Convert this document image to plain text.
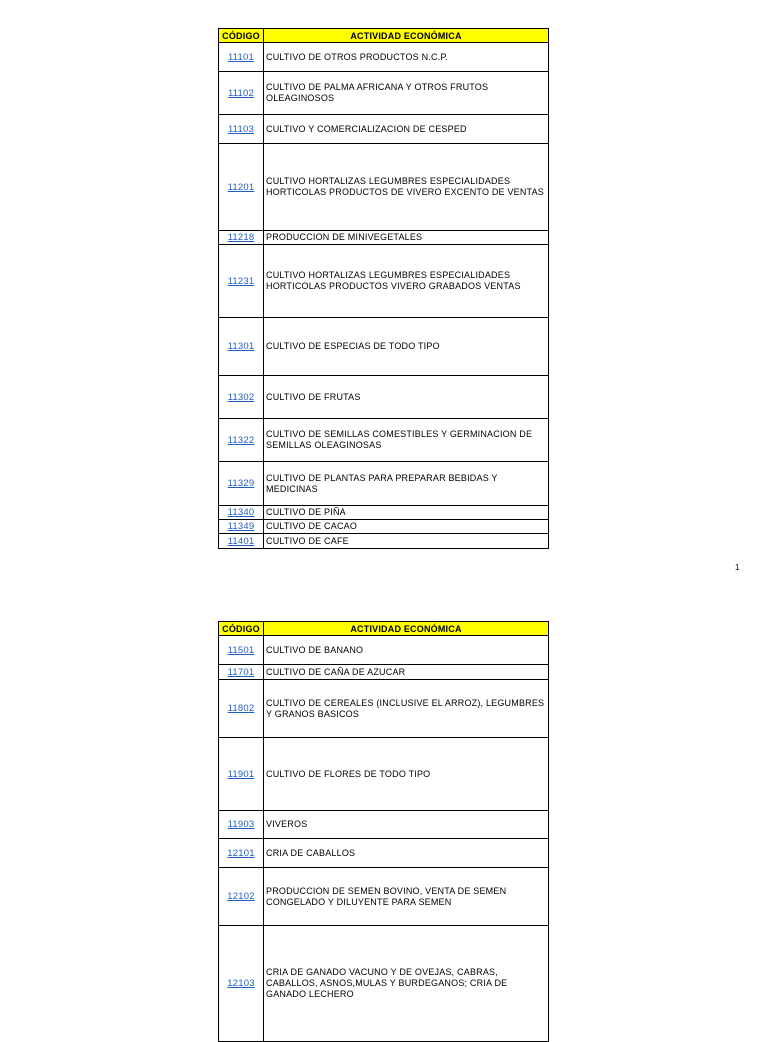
CÓDIGO	ACTIVIDAD ECONÓMICA
11101	CULTIVO DE OTROS PRODUCTOS N.C.P.
11102	CULTIVO DE PALMA AFRICANA Y OTROS FRUTOS OLEAGINOSOS
11103	CULTIVO Y COMERCIALIZACION DE CESPED
11201	CULTIVO HORTALIZAS LEGUMBRES ESPECIALIDADES HORTICOLAS PRODUCTOS DE VIVERO EXCENTO DE VENTAS
11218	PRODUCCION DE MINIVEGETALES
11231	CULTIVO HORTALIZAS LEGUMBRES ESPECIALIDADES HORTICOLAS PRODUCTOS VIVERO GRABADOS VENTAS
11301	CULTIVO DE ESPECIAS DE TODO TIPO
11302	CULTIVO DE FRUTAS
11322	CULTIVO DE SEMILLAS COMESTIBLES Y GERMINACION DE SEMILLAS OLEAGINOSAS
11329	CULTIVO DE PLANTAS PARA PREPARAR BEBIDAS Y MEDICINAS
11340	CULTIVO DE PIÑA
11349	CULTIVO DE CACAO
11401	CULTIVO DE CAFE
1
CÓDIGO	ACTIVIDAD ECONÓMICA
11501	CULTIVO DE BANANO
11701	CULTIVO DE CAÑA DE AZUCAR
11802	CULTIVO DE CEREALES (INCLUSIVE EL ARROZ), LEGUMBRES Y GRANOS BASICOS
11901	CULTIVO DE FLORES DE TODO TIPO
11903	VIVEROS
12101	CRIA DE CABALLOS
12102	PRODUCCION DE SEMEN BOVINO, VENTA DE SEMEN CONGELADO Y DILUYENTE PARA SEMEN
12103	CRIA DE GANADO VACUNO Y DE OVEJAS, CABRAS, CABALLOS, ASNOS,MULAS Y BURDEGANOS; CRIA DE GANADO LECHERO
